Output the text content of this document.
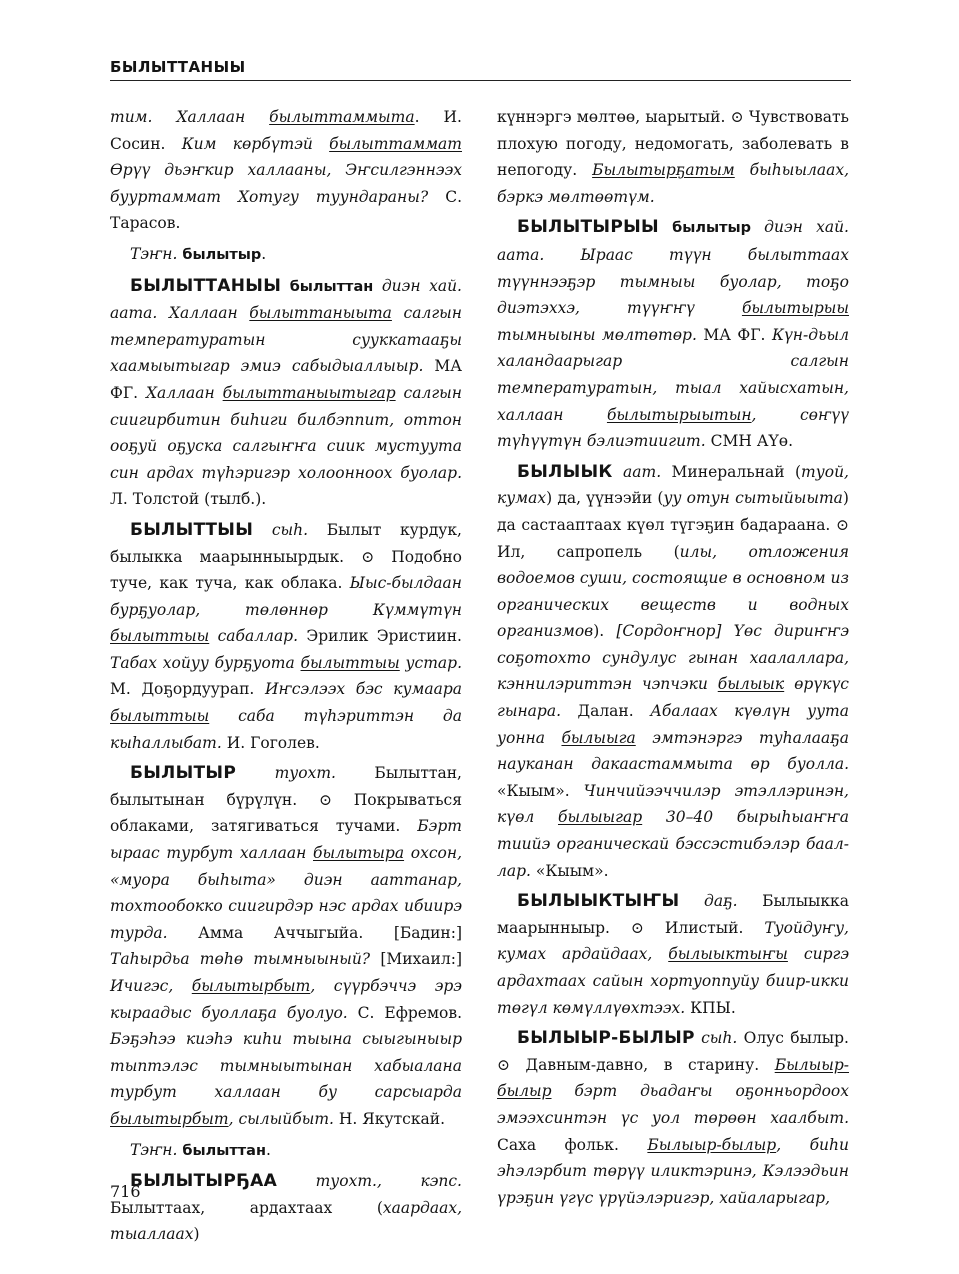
БЫЛЫТТАНЫЫ

тим. Халлаан былыттаммыта. И. Сосин. Ким көрбүтэй былыттаммат Өрүү дьэҥкир халлааны, Эҥсилгэннээх бууртаммат Хотугу туундараны? С. Тарасов.

Тэҥн. былытыр.

БЫЛЫТТАНЫЫ былыттан диэн хай. аата. Халлаан былыттаныыта салгын температуратын сууккатааҕы хаамыытыгар эмиэ сабыдыаллыыр. МА ФГ. Халлаан былыттаныытыгар салгын сиигирбитин биһиги билбэппит, оттон ооҕуй оҕуска салгыҥҥа сиик мустуута син ардах түһэригэр холоонноох буолар. Л. Толстой (тылб.).

БЫЛЫТТЫЫ сыһ. Былыт курдук, былыкка маарынныырдык. ⊙ Подобно туче, как туча, как облака. Ыыс-былдаан бурҕуолар, төлөннөр Күммүтүн былыттыы сабаллар. Эрилик Эристиин. Табах хойуу бурҕуота былыттыы устар. М. Доҕордуурап. Иҥсэлээх бэс кумаара былыттыы саба түһэриттэн да кыһаллыбат. И. Гоголев.

БЫЛЫТЫР туохт. Былыттан, былытынан бүрүлүн. ⊙ Покрываться облаками, затягиваться тучами. Бэрт ыраас турбут халлаан былытыра охсон, «муора быһыта» диэн ааттанар, тохтообокко сиигирдэр нэс ардах ибиирэ турда. Амма Аччыгыйа. [Бадин:] Таһырдьа төһө тымныыный? [Михаил:] Ичигэс, былытырбыт, сүүрбэччэ эрэ кыраадыс буоллаҕа буолуо. С. Ефремов. Бэҕэһээ киэһэ киһи тыына сыыгыныыр тыптэлэс тымныытынан хабыалана турбут халлаан бу сарсыарда былытырбыт, сылыйбыт. Н. Якутскай.

Тэҥн. былыттан.

БЫЛЫТЫРҔАА туохт., кэпс. Былыттаах, ардахтаах (хаардаах, тыаллаах)

күннэргэ мөлтөө, ыарытый. ⊙ Чувствовать плохую погоду, недомогать, заболевать в непогоду. Былытырҕатым быһыылаах, бэркэ мөлтөөтүм.

БЫЛЫТЫРЫЫ былытыр диэн хай. аата. Ыраас түүн былыттаах түүннээҕэр тымныы буолар, тоҕо диэтэххэ, түүҥҥү былытырыы тымныыны мөлтөтөр. МА ФГ. Күн-дьыл халандаарыгар салгын температуратын, тыал хайысхатын, халлаан былытырыытын, сөҥүү түһүүтүн бэлиэтиигит. СМН АҮө.

БЫЛЫЫК аат. Минеральнай (туой, кумах) да, үүнээйи (уу отун сытыйыыта) да састааптаах күөл түгэҕин бадараана. ⊙ Ил, сапропель (илы, отложения водоемов суши, состоящие в основном из органических веществ и водных организмов). [Сордоҥнор] Үөс дириҥҥэ соҕотохто сундулус гынан хаалаллара, кэннилэриттэн чэпчэки былыык өрүкүс гынара. Далан. Абалаах күөлүн уута уонна былыыга эмтэнэргэ туһалааҕа науканан дакаастаммыта өр буолла. «Кыым». Чинчийээччилэр этэллэринэн, күөл былыыгар 30–40 бырыһыаҥҥа тиийэ органическай бэссэстибэлэр баал-лар. «Кыым».

БЫЛЫЫКТЫҤЫ даҕ. Былыыкка маарынныыр. ⊙ Илистый. Туойдуҥу, кумах ардайдаах, былыыктыҥы сиргэ ардахтаах сайын хортуоппуйу биир-икки төгүл көмүллүөхтээх. КПЫ.

БЫЛЫЫР-БЫЛЫР сыһ. Олус былыр. ⊙ Давным-давно, в старину. Былыыр-былыр бэрт дьадаҥы оҕонньордоох эмээхсинтэн үс уол төрөөн хаалбыт. Саха фольк. Былыыр-былыр, биһи эһэлэрбит төрүү иликтэринэ, Кэлээдьин үрэҕин үгүс үрүйэлэригэр, хайаларыгар,

716
